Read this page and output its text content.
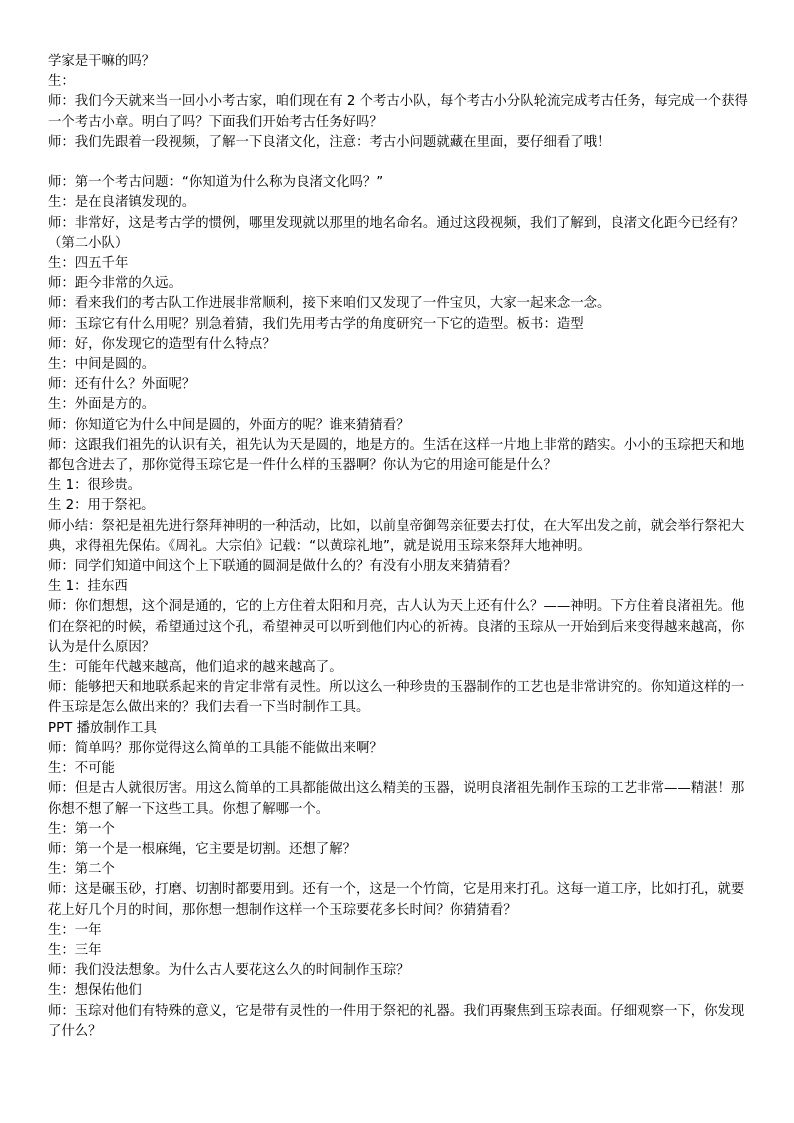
学家是干嘛的吗？

生：

师：我们今天就来当一回小小考古家，咱们现在有 2 个考古小队，每个考古小分队轮流完成考古任务，每完成一个获得一个考古小章。明白了吗？下面我们开始考古任务好吗？

师：我们先跟着一段视频，了解一下良渚文化，注意：考古小问题就藏在里面，要仔细看了哦！

师：第一个考古问题：“你知道为什么称为良渚文化吗？”

生：是在良渚镇发现的。

师：非常好，这是考古学的惯例，哪里发现就以那里的地名命名。通过这段视频，我们了解到，良渚文化距今已经有？ （第二小队）

生：四五千年

师：距今非常的久远。

师：看来我们的考古队工作进展非常顺利，接下来咱们又发现了一件宝贝，大家一起来念一念。

师：玉琮它有什么用呢？别急着猜，我们先用考古学的角度研究一下它的造型。板书：造型

师：好，你发现它的造型有什么特点？

生：中间是圆的。

师：还有什么？外面呢？

生：外面是方的。

师：你知道它为什么中间是圆的，外面方的呢？谁来猜猜看？

师：这跟我们祖先的认识有关，祖先认为天是圆的，地是方的。生活在这样一片地上非常的踏实。小小的玉琮把天和地都包含进去了，那你觉得玉琮它是一件什么样的玉器啊？你认为它的用途可能是什么？

生 1：很珍贵。

生 2：用于祭祀。

师小结：祭祀是祖先进行祭拜神明的一种活动，比如，以前皇帝御驾亲征要去打仗，在大军出发之前，就会举行祭祀大典，求得祖先保佑。《周礼。大宗伯》记载：“以黄琮礼地”，就是说用玉琮来祭拜大地神明。

师：同学们知道中间这个上下联通的圆洞是做什么的？有没有小朋友来猜猜看？

生 1：挂东西

师：你们想想，这个洞是通的，它的上方住着太阳和月亮，古人认为天上还有什么？——神明。下方住着良渚祖先。他们在祭祀的时候，希望通过这个孔，希望神灵可以听到他们内心的祈祷。良渚的玉琮从一开始到后来变得越来越高，你认为是什么原因？

生：可能年代越来越高，他们追求的越来越高了。

师：能够把天和地联系起来的肯定非常有灵性。所以这么一种珍贵的玉器制作的工艺也是非常讲究的。你知道这样的一件玉琮是怎么做出来的？我们去看一下当时制作工具。

PPT 播放制作工具

师：简单吗？那你觉得这么简单的工具能不能做出来啊？

生：不可能

师：但是古人就很厉害。用这么简单的工具都能做出这么精美的玉器，说明良渚祖先制作玉琮的工艺非常——精湛！那你想不想了解一下这些工具。你想了解哪一个。

生：第一个

师：第一个是一根麻绳，它主要是切割。还想了解？

生：第二个

师：这是碾玉砂，打磨、切割时都要用到。还有一个，这是一个竹筒，它是用来打孔。这每一道工序，比如打孔，就要花上好几个月的时间，那你想一想制作这样一个玉琮要花多长时间？你猜猜看？

生：一年

生：三年

师：我们没法想象。为什么古人要花这么久的时间制作玉琮？

生：想保佑他们

师：玉琮对他们有特殊的意义，它是带有灵性的一件用于祭祀的礼器。我们再聚焦到玉琮表面。仔细观察一下，你发现了什么？
